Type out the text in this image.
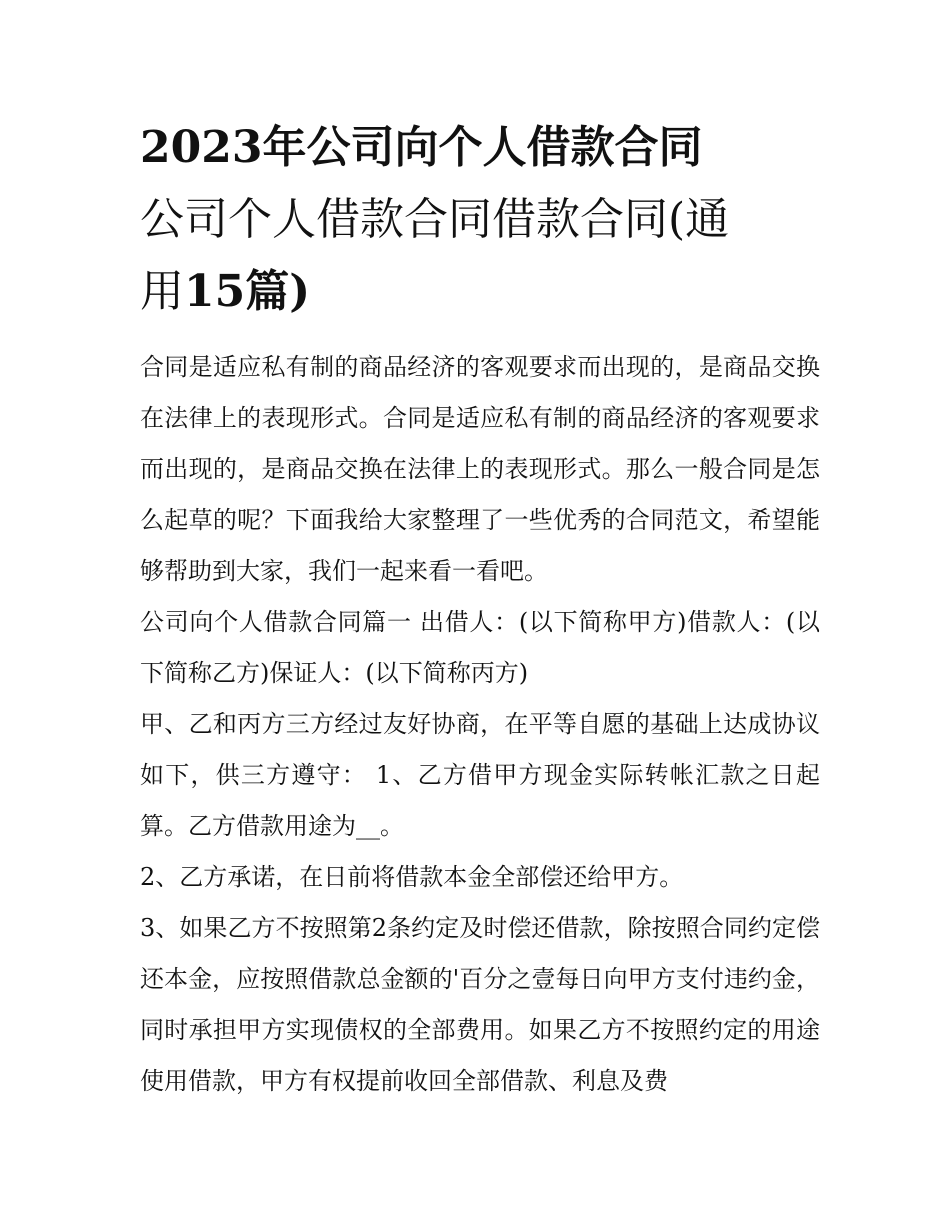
2023年公司向个人借款合同
公司个人借款合同借款合同(通
用15篇)

合同是适应私有制的商品经济的客观要求而出现的，是商品交换在法律上的表现形式。合同是适应私有制的商品经济的客观要求而出现的，是商品交换在法律上的表现形式。那么一般合同是怎么起草的呢？下面我给大家整理了一些优秀的合同范文，希望能够帮助到大家，我们一起来看一看吧。

公司向个人借款合同篇一 出借人：(以下简称甲方)借款人：(以下简称乙方)保证人：(以下简称丙方)

甲、乙和丙方三方经过友好协商，在平等自愿的基础上达成协议如下，供三方遵守： 1、乙方借甲方现金实际转帐汇款之日起算。乙方借款用途为__。

2、乙方承诺，在日前将借款本金全部偿还给甲方。

3、如果乙方不按照第2条约定及时偿还借款，除按照合同约定偿还本金，应按照借款总金额的'百分之壹每日向甲方支付违约金，同时承担甲方实现债权的全部费用。如果乙方不按照约定的用途使用借款，甲方有权提前收回全部借款、利息及费
